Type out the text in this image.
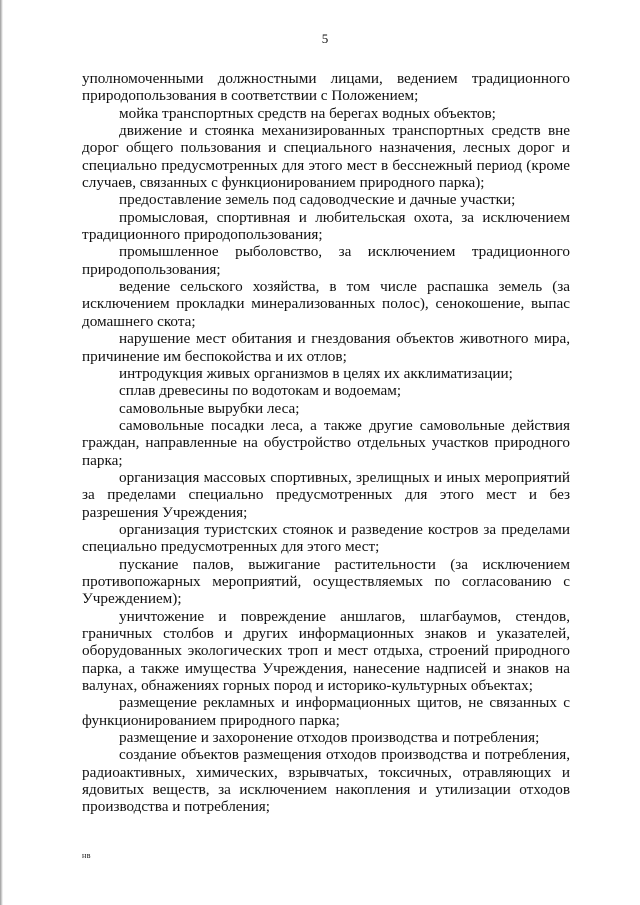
5

уполномоченными должностными лицами, ведением традиционного природопользования в соответствии с Положением;

мойка транспортных средств на берегах водных объектов;

движение и стоянка механизированных транспортных средств вне дорог общего пользования и специального назначения, лесных дорог и специально предусмотренных для этого мест в бесснежный период (кроме случаев, связанных с функционированием природного парка);

предоставление земель под садоводческие и дачные участки;

промысловая, спортивная и любительская охота, за исключением традиционного природопользования;

промышленное рыболовство, за исключением традиционного природопользования;

ведение сельского хозяйства, в том числе распашка земель (за исключением прокладки минерализованных полос), сенокошение, выпас домашнего скота;

нарушение мест обитания и гнездования объектов животного мира, причинение им беспокойства и их отлов;

интродукция живых организмов в целях их акклиматизации;

сплав древесины по водотокам и водоемам;

самовольные вырубки леса;

самовольные посадки леса, а также другие самовольные действия граждан, направленные на обустройство отдельных участков природного парка;

организация массовых спортивных, зрелищных и иных мероприятий за пределами специально предусмотренных для этого мест и без разрешения Учреждения;

организация туристских стоянок и разведение костров за пределами специально предусмотренных для этого мест;

пускание палов, выжигание растительности (за исключением противопожарных мероприятий, осуществляемых по согласованию с Учреждением);

уничтожение и повреждение аншлагов, шлагбаумов, стендов, граничных столбов и других информационных знаков и указателей, оборудованных экологических троп и мест отдыха, строений природного парка, а также имущества Учреждения, нанесение надписей и знаков на валунах, обнажениях горных пород и историко-культурных объектах;

размещение рекламных и информационных щитов, не связанных с функционированием природного парка;

размещение и захоронение отходов производства и потребления;

создание объектов размещения отходов производства и потребления, радиоактивных, химических, взрывчатых, токсичных, отравляющих и ядовитых веществ, за исключением накопления и утилизации отходов производства и потребления;

нв
